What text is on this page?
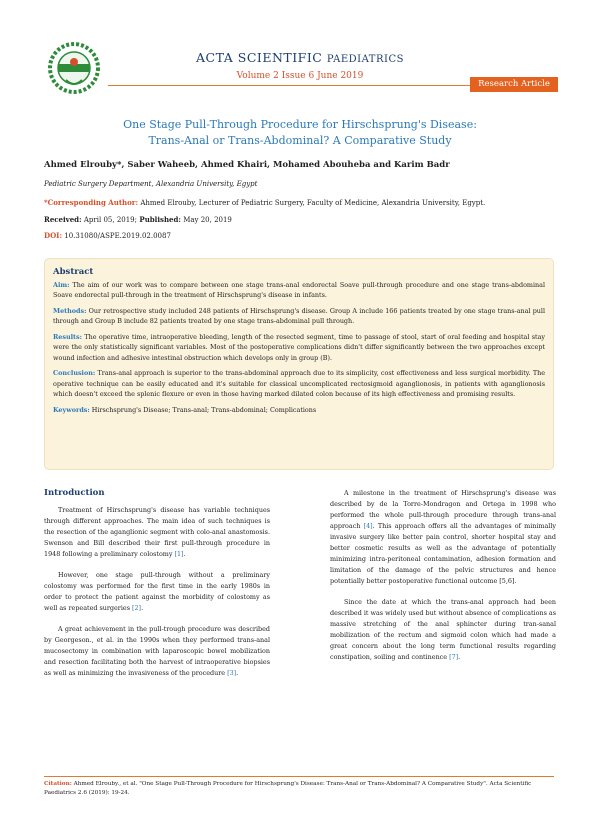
ACTA SCIENTIFIC PAEDIATRICS
Volume 2 Issue 6 June 2019
Research Article
One Stage Pull-Through Procedure for Hirschsprung's Disease:
Trans-Anal or Trans-Abdominal? A Comparative Study
Ahmed Elrouby*, Saber Waheeb, Ahmed Khairi, Mohamed Abouheba and Karim Badr
Pediatric Surgery Department, Alexandria University, Egypt
*Corresponding Author: Ahmed Elrouby, Lecturer of Pediatric Surgery, Faculty of Medicine, Alexandria University, Egypt.
Received: April 05, 2019; Published: May 20, 2019
DOI: 10.31080/ASPE.2019.02.0087
Abstract

Aim: The aim of our work was to compare between one stage trans-anal endorectal Soave pull-through procedure and one stage trans-abdominal Soave endorectal pull-through in the treatment of Hirschsprung's disease in infants.

Methods: Our retrospective study included 248 patients of Hirschsprung's disease. Group A include 166 patients treated by one stage trans-anal pull through and Group B include 82 patients treated by one stage trans-abdominal pull through.

Results: The operative time, intraoperative bleeding, length of the resected segment, time to passage of stool, start of oral feeding and hospital stay were the only statistically significant variables. Most of the postoperative complications didn't differ significantly between the two approaches except wound infection and adhesive intestinal obstruction which develops only in group (B).

Conclusion: Trans-anal approach is superior to the trans-abdominal approach due to its simplicity, cost effectiveness and less surgical morbidity. The operative technique can be easily educated and it's suitable for classical uncomplicated rectosigmoid aganglionosis, in patients with aganglionosis which doesn't exceed the splenic flexure or even in those having marked dilated colon because of its high effectiveness and promising results.

Keywords: Hirschsprung's Disease; Trans-anal; Trans-abdominal; Complications

Introduction

Treatment of Hirschsprung's disease has variable techniques through different approaches. The main idea of such techniques is the resection of the aganglionic segment with colo-anal anastomosis. Swenson and Bill described their first pull-through procedure in 1948 following a preliminary colostomy [1].

However, one stage pull-through without a preliminary colostomy was performed for the first time in the early 1980s in order to protect the patient against the morbidity of colostomy as well as repeated surgeries [2].

A great achievement in the pull-trough procedure was described by Georgeson., et al. in the 1990s when they performed trans-anal mucosectomy in combination with laparoscopic bowel mobilization and resection facilitating both the harvest of intraoperative biopsies as well as minimizing the invasiveness of the procedure [3].

A milestone in the treatment of Hirschsprung's disease was described by de la Torre-Mondragon and Ortega in 1998 who performed the whole pull-through procedure through trans-anal approach [4]. This approach offers all the advantages of minimally invasive surgery like better pain control, shorter hospital stay and better cosmetic results as well as the advantage of potentially minimizing intra-peritoneal contamination, adhesion formation and limitation of the damage of the pelvic structures and hence potentially better postoperative functional outcome [5,6].

Since the date at which the trans-anal approach had been described it was widely used but without absence of complications as massive stretching of the anal sphincter during tran-sanal mobilization of the rectum and sigmoid colon which had made a great concern about the long term functional results regarding constipation, soiling and continence [7].

Citation: Ahmed Elrouby., et al. "One Stage Pull-Through Procedure for Hirschsprung's Disease: Trans-Anal or Trans-Abdominal? A Comparative Study". Acta Scientific Paediatrics 2.6 (2019): 19-24.
